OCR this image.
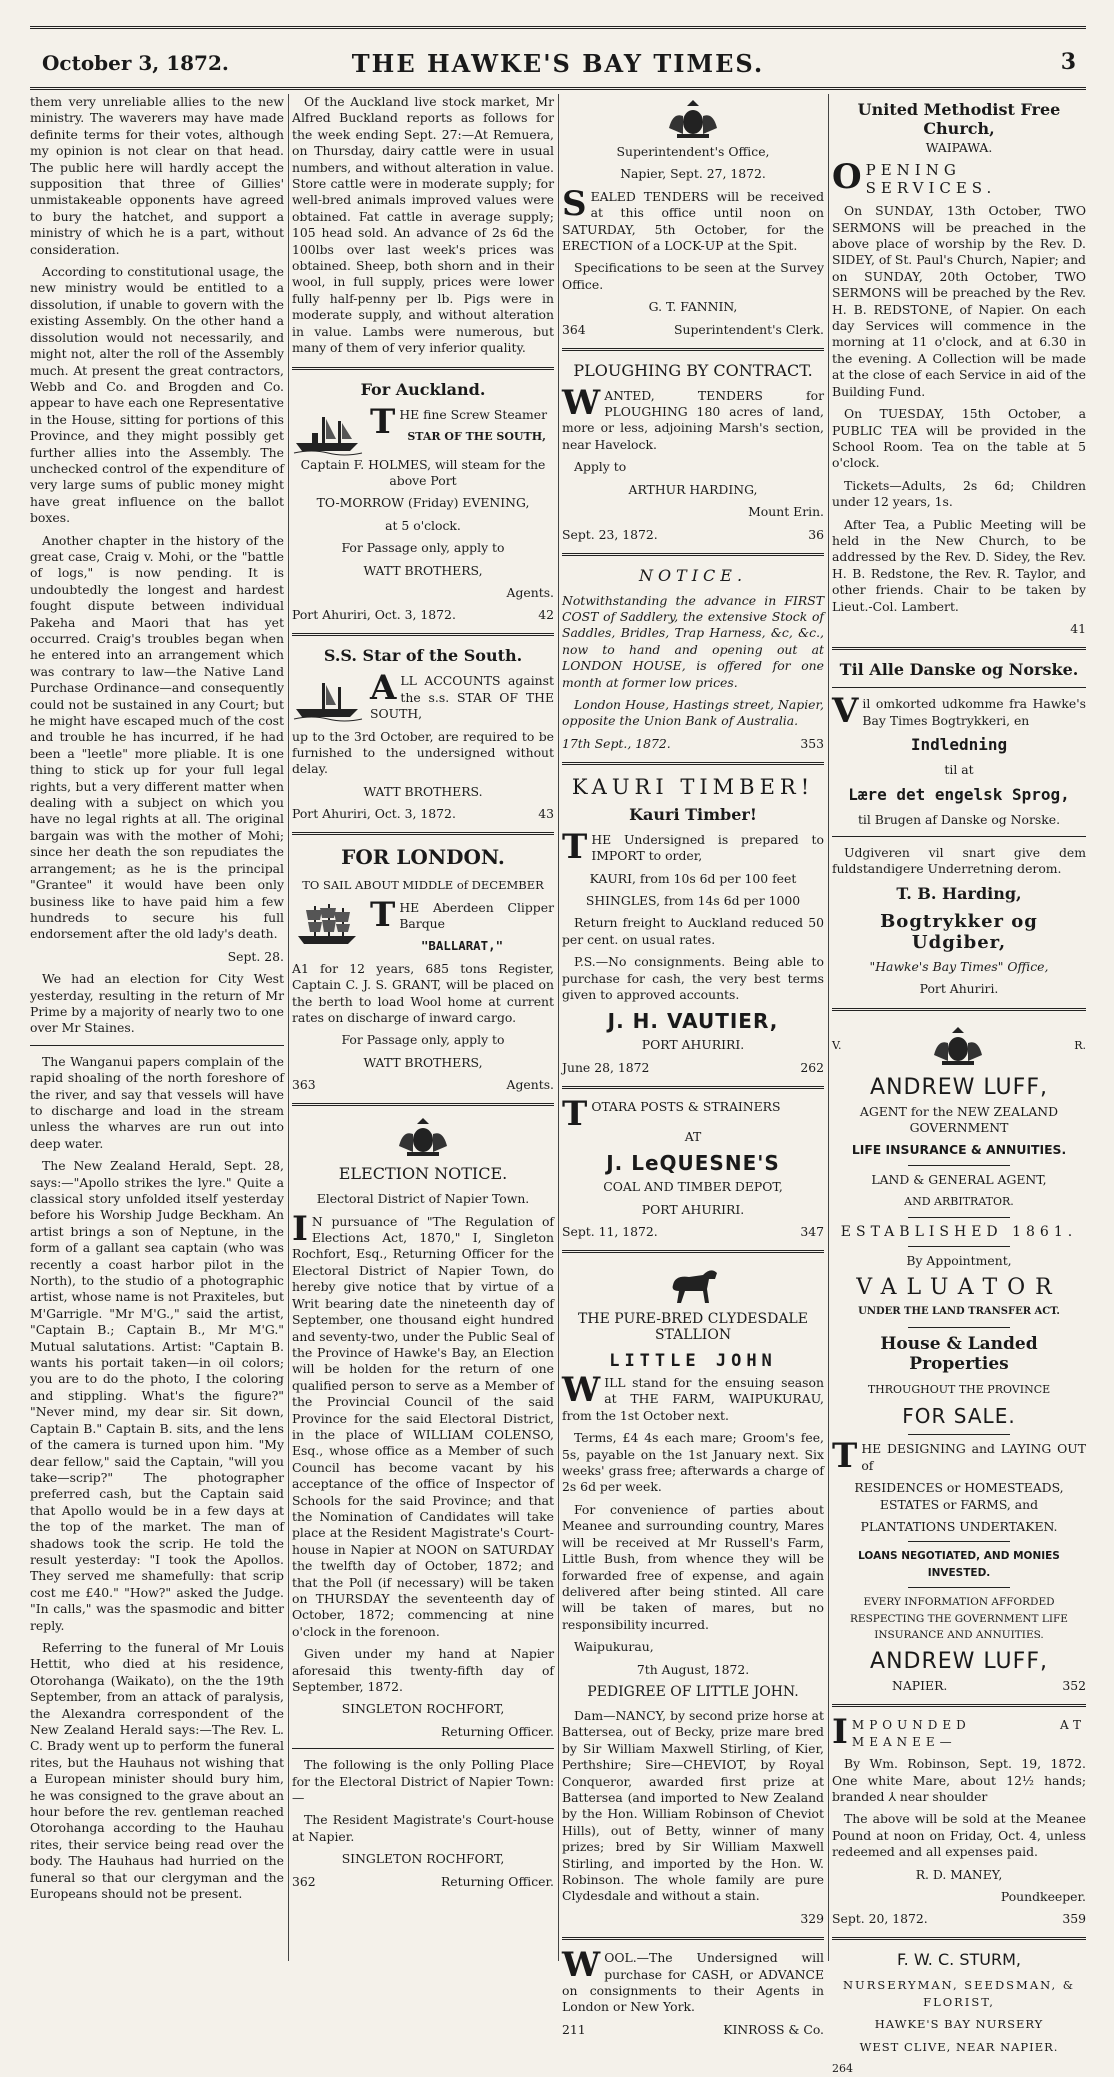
October 3, 1872.	THE HAWKE'S BAY TIMES.	3

them very unreliable allies to the new ministry. The waverers may have made definite terms for their votes, although my opinion is not clear on that head. The public here will hardly accept the supposition that three of Gillies' unmistakeable opponents have agreed to bury the hatchet, and support a ministry of which he is a part, without consideration.

According to constitutional usage, the new ministry would be entitled to a dissolution, if unable to govern with the existing Assembly. On the other hand a dissolution would not necessarily, and might not, alter the roll of the Assembly much. At present the great contractors, Webb and Co. and Brogden and Co. appear to have each one Representative in the House, sitting for portions of this Province, and they might possibly get further allies into the Assembly. The unchecked control of the expenditure of very large sums of public money might have great influence on the ballot boxes.

Another chapter in the history of the great case, Craig v. Mohi, or the "battle of logs," is now pending. It is undoubtedly the longest and hardest fought dispute between individual Pakeha and Maori that has yet occurred. Craig's troubles began when he entered into an arrangement which was contrary to law—the Native Land Purchase Ordinance—and consequently could not be sustained in any Court; but he might have escaped much of the cost and trouble he has incurred, if he had been a "leetle" more pliable. It is one thing to stick up for your full legal rights, but a very different matter when dealing with a subject on which you have no legal rights at all. The original bargain was with the mother of Mohi; since her death the son repudiates the arrangement; as he is the principal "Grantee" it would have been only business like to have paid him a few hundreds to secure his full endorsement after the old lady's death.

Sept. 28.

We had an election for City West yesterday, resulting in the return of Mr Prime by a majority of nearly two to one over Mr Staines.

The Wanganui papers complain of the rapid shoaling of the north foreshore of the river, and say that vessels will have to discharge and load in the stream unless the wharves are run out into deep water.

The New Zealand Herald, Sept. 28, says:—"Apollo strikes the lyre." Quite a classical story unfolded itself yesterday before his Worship Judge Beckham. An artist brings a son of Neptune, in the form of a gallant sea captain (who was recently a coast harbor pilot in the North), to the studio of a photographic artist, whose name is not Praxiteles, but M'Garrigle. "Mr M'G.," said the artist, "Captain B.; Captain B., Mr M'G." Mutual salutations. Artist: "Captain B. wants his portait taken—in oil colors; you are to do the photo, I the coloring and stippling. What's the figure?" "Never mind, my dear sir. Sit down, Captain B." Captain B. sits, and the lens of the camera is turned upon him. "My dear fellow," said the Captain, "will you take—scrip?" The photographer preferred cash, but the Captain said that Apollo would be in a few days at the top of the market. The man of shadows took the scrip. He told the result yesterday: "I took the Apollos. They served me shamefully: that scrip cost me £40." "How?" asked the Judge. "In calls," was the spasmodic and bitter reply.

Referring to the funeral of Mr Louis Hettit, who died at his residence, Otorohanga (Waikato), on the the 19th September, from an attack of paralysis, the Alexandra correspondent of the New Zealand Herald says:—The Rev. L. C. Brady went up to perform the funeral rites, but the Hauhaus not wishing that a European minister should bury him, he was consigned to the grave about an hour before the rev. gentleman reached Otorohanga according to the Hauhau rites, their service being read over the body. The Hauhaus had hurried on the funeral so that our clergyman and the Europeans should not be present.

Of the Auckland live stock market, Mr Alfred Buckland reports as follows for the week ending Sept. 27:—At Remuera, on Thursday, dairy cattle were in usual numbers, and without alteration in value. Store cattle were in moderate supply; for well-bred animals improved values were obtained. Fat cattle in average supply; 105 head sold. An advance of 2s 6d the 100lbs over last week's prices was obtained. Sheep, both shorn and in their wool, in full supply, prices were lower fully half-penny per lb. Pigs were in moderate supply, and without alteration in value. Lambs were numerous, but many of them of very inferior quality.

For Auckland.

THE fine Screw Steamer

STAR OF THE SOUTH,

Captain F. HOLMES, will steam for the above Port

TO-MORROW (Friday) EVENING,

at 5 o'clock.

For Passage only, apply to

WATT BROTHERS,

Agents.

Port Ahuriri, Oct. 3, 1872.	42
S.S. Star of the South.

ALL ACCOUNTS against the s.s. STAR OF THE SOUTH,

up to the 3rd October, are required to be furnished to the undersigned without delay.

WATT BROTHERS.

Port Ahuriri, Oct. 3, 1872.	43
FOR LONDON.

TO SAIL ABOUT MIDDLE of DECEMBER

THE Aberdeen Clipper Barque

"BALLARAT,"

A1 for 12 years, 685 tons Register, Captain C. J. S. GRANT, will be placed on the berth to load Wool home at current rates on discharge of inward cargo.

For Passage only, apply to

WATT BROTHERS,

363	Agents.
ELECTION NOTICE.

Electoral District of Napier Town.

I N pursuance of "The Regulation of Elections Act, 1870," I, Singleton Rochfort, Esq., Returning Officer for the Electoral District of Napier Town, do hereby give notice that by virtue of a Writ bearing date the nineteenth day of September, one thousand eight hundred and seventy-two, under the Public Seal of the Province of Hawke's Bay, an Election will be holden for the return of one qualified person to serve as a Member of the Provincial Council of the said Province for the said Electoral District, in the place of WILLIAM COLENSO, Esq., whose office as a Member of such Council has become vacant by his acceptance of the office of Inspector of Schools for the said Province; and that the Nomination of Candidates will take place at the Resident Magistrate's Court-house in Napier at NOON on SATURDAY the twelfth day of October, 1872; and that the Poll (if necessary) will be taken on THURSDAY the seventeenth day of October, 1872; commencing at nine o'clock in the forenoon.

Given under my hand at Napier aforesaid this twenty-fifth day of September, 1872.

SINGLETON ROCHFORT,

Returning Officer.

The following is the only Polling Place for the Electoral District of Napier Town:—

The Resident Magistrate's Court-house at Napier.

SINGLETON ROCHFORT,

362	Returning Officer.

Superintendent's Office,

Napier, Sept. 27, 1872.

SEALED TENDERS will be received at this office until noon on SATURDAY, 5th October, for the ERECTION of a LOCK-UP at the Spit.

Specifications to be seen at the Survey Office.

G. T. FANNIN,

364	Superintendent's Clerk.
PLOUGHING BY CONTRACT.

WANTED, TENDERS for PLOUGHING 180 acres of land, more or less, adjoining Marsh's section, near Havelock.

Apply to

ARTHUR HARDING,

Mount Erin.

Sept. 23, 1872.	36
NOTICE.

Notwithstanding the advance in FIRST COST of Saddlery, the extensive Stock of Saddles, Bridles, Trap Harness, &c, &c., now to hand and opening out at LONDON HOUSE, is offered for one month at former low prices.

London House, Hastings street, Napier, opposite the Union Bank of Australia.

17th Sept., 1872.	353
KAURI TIMBER!
Kauri Timber!

THE Undersigned is prepared to IMPORT to order,

KAURI, from 10s 6d per 100 feet

SHINGLES, from 14s 6d per 1000

Return freight to Auckland reduced 50 per cent. on usual rates.

P.S.—No consignments. Being able to purchase for cash, the very best terms given to approved accounts.

J. H. VAUTIER,

PORT AHURIRI.

June 28, 1872	262

TOTARA POSTS & STRAINERS

AT

J. LeQUESNE'S

COAL AND TIMBER DEPOT,

PORT AHURIRI.

Sept. 11, 1872.	347
THE PURE-BRED CLYDESDALE STALLION
LITTLE JOHN

WILL stand for the ensuing season at THE FARM, WAIPUKURAU, from the 1st October next.

Terms, £4 4s each mare; Groom's fee, 5s, payable on the 1st January next. Six weeks' grass free; afterwards a charge of 2s 6d per week.

For convenience of parties about Meanee and surrounding country, Mares will be received at Mr Russell's Farm, Little Bush, from whence they will be forwarded free of expense, and again delivered after being stinted. All care will be taken of mares, but no responsibility incurred.

Waipukurau,

7th August, 1872.

PEDIGREE OF LITTLE JOHN.

Dam—NANCY, by second prize horse at Battersea, out of Becky, prize mare bred by Sir William Maxwell Stirling, of Kier, Perthshire; Sire—CHEVIOT, by Royal Conqueror, awarded first prize at Battersea (and imported to New Zealand by the Hon. William Robinson of Cheviot Hills), out of Betty, winner of many prizes; bred by Sir William Maxwell Stirling, and imported by the Hon. W. Robinson. The whole family are pure Clydesdale and without a stain.

329

WOOL.—The Undersigned will purchase for CASH, or ADVANCE on consignments to their Agents in London or New York.

211	KINROSS & Co.
United Methodist Free Church,

WAIPAWA.

OPENING SERVICES.

On SUNDAY, 13th October, TWO SERMONS will be preached in the above place of worship by the Rev. D. SIDEY, of St. Paul's Church, Napier; and on SUNDAY, 20th October, TWO SERMONS will be preached by the Rev. H. B. REDSTONE, of Napier. On each day Services will commence in the morning at 11 o'clock, and at 6.30 in the evening. A Collection will be made at the close of each Service in aid of the Building Fund.

On TUESDAY, 15th October, a PUBLIC TEA will be provided in the School Room. Tea on the table at 5 o'clock.

Tickets—Adults, 2s 6d; Children under 12 years, 1s.

After Tea, a Public Meeting will be held in the New Church, to be addressed by the Rev. D. Sidey, the Rev. H. B. Redstone, the Rev. R. Taylor, and other friends. Chair to be taken by Lieut.-Col. Lambert.

41

Til Alle Danske og Norske.

Vil omkorted udkomme fra Hawke's Bay Times Bogtrykkeri, en

Indledning

til at

Lære det engelsk Sprog,

til Brugen af Danske og Norske.

Udgiveren vil snart give dem fuldstandigere Underretning derom.

T. B. Harding,
Bogtrykker og Udgiber,

"Hawke's Bay Times" Office,

Port Ahuriri.

V.	R.
ANDREW LUFF,

AGENT for the NEW ZEALAND GOVERNMENT

LIFE INSURANCE & ANNUITIES.

LAND & GENERAL AGENT,

AND ARBITRATOR.

ESTABLISHED 1861.

By Appointment,

VALUATOR

UNDER THE LAND TRANSFER ACT.

House & Landed Properties

THROUGHOUT THE PROVINCE

FOR SALE.

THE DESIGNING and LAYING OUT of

RESIDENCES or HOMESTEADS, ESTATES or FARMS, and

PLANTATIONS UNDERTAKEN.

LOANS NEGOTIATED, AND MONIES INVESTED.

EVERY INFORMATION AFFORDED RESPECTING THE GOVERNMENT LIFE INSURANCE AND ANNUITIES.

ANDREW LUFF,
NAPIER.	352

IMPOUNDED AT MEANEE—

By Wm. Robinson, Sept. 19, 1872. One white Mare, about 12½ hands; branded ⅄ near shoulder

The above will be sold at the Meanee Pound at noon on Friday, Oct. 4, unless redeemed and all expenses paid.

R. D. MANEY,

Poundkeeper.

Sept. 20, 1872.	359
F. W. C. STURM,

NURSERYMAN, SEEDSMAN, & FLORIST,

HAWKE'S BAY NURSERY

WEST CLIVE, NEAR NAPIER.

264
